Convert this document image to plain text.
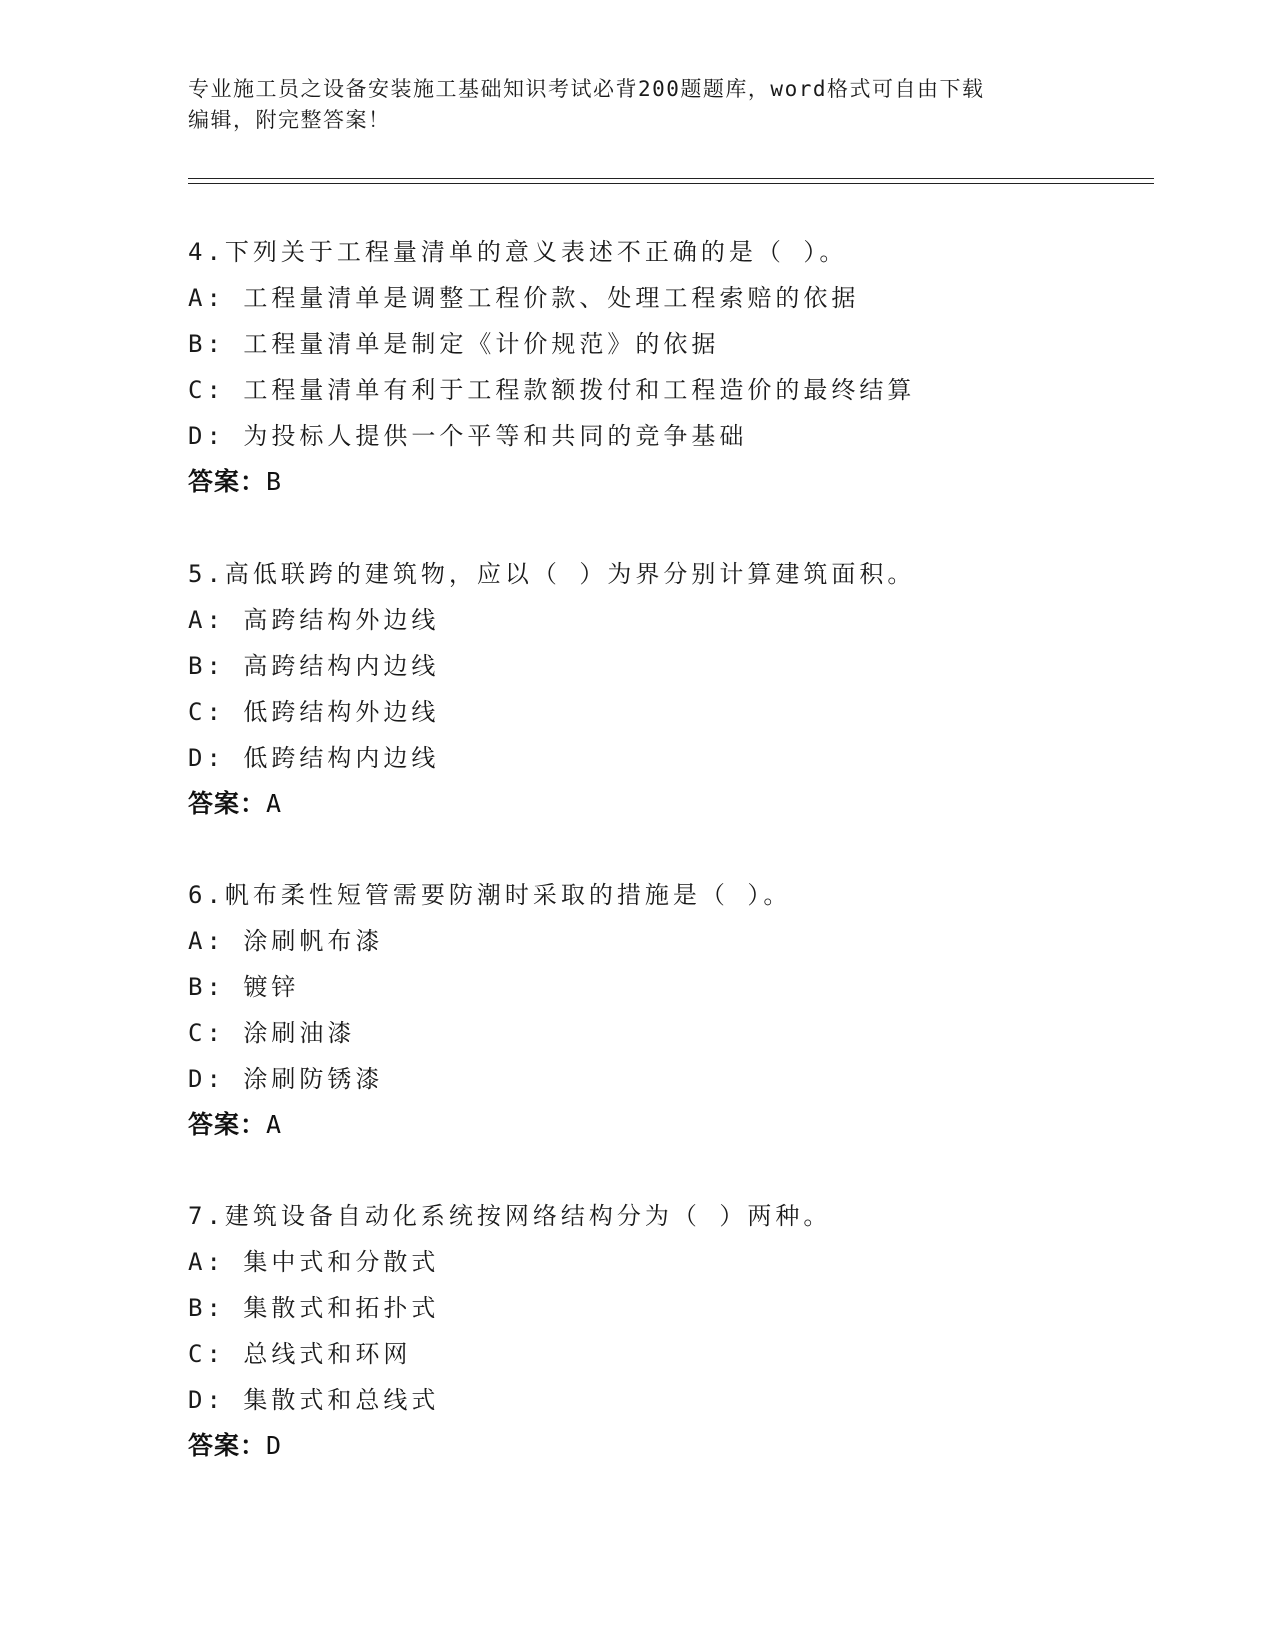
专业施工员之设备安装施工基础知识考试必背200题题库，word格式可自由下载
编辑，附完整答案！
4.下列关于工程量清单的意义表述不正确的是（ ）。
A: 工程量清单是调整工程价款、处理工程索赔的依据
B: 工程量清单是制定《计价规范》的依据
C: 工程量清单有利于工程款额拨付和工程造价的最终结算
D: 为投标人提供一个平等和共同的竞争基础
答案：B
5.高低联跨的建筑物，应以（ ）为界分别计算建筑面积。
A: 高跨结构外边线
B: 高跨结构内边线
C: 低跨结构外边线
D: 低跨结构内边线
答案：A
6.帆布柔性短管需要防潮时采取的措施是（ ）。
A: 涂刷帆布漆
B: 镀锌
C: 涂刷油漆
D: 涂刷防锈漆
答案：A
7.建筑设备自动化系统按网络结构分为（ ）两种。
A: 集中式和分散式
B: 集散式和拓扑式
C: 总线式和环网
D: 集散式和总线式
答案：D
